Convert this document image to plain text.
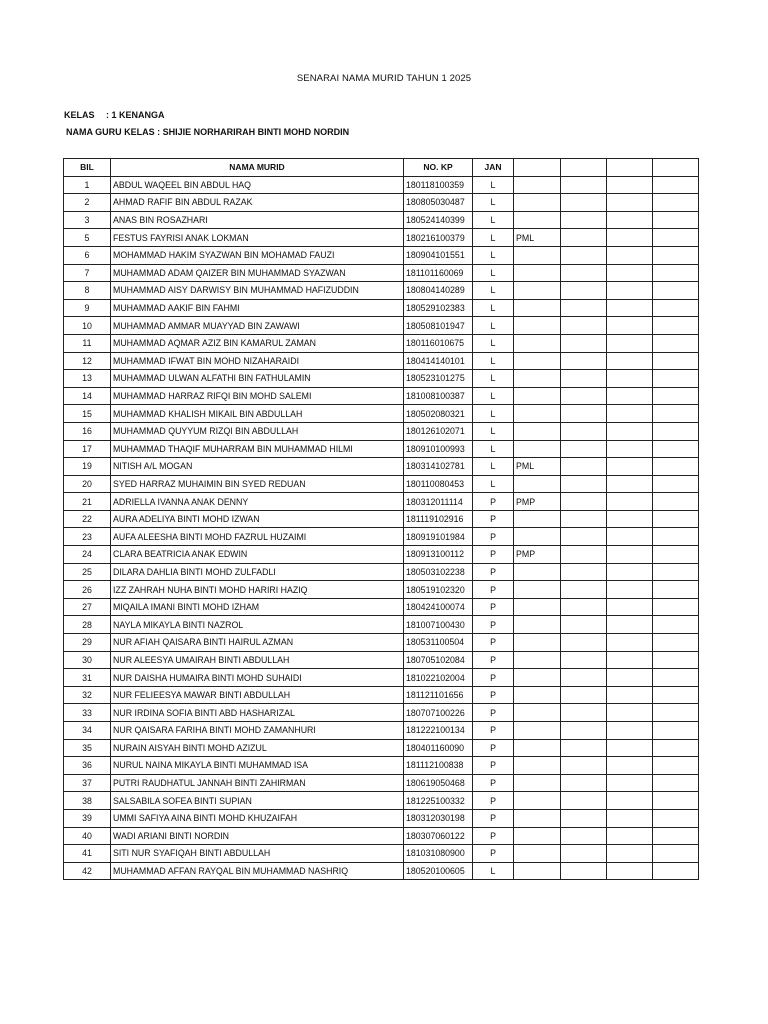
SENARAI NAMA MURID TAHUN 1 2025
KELAS : 1 KENANGA
NAMA GURU KELAS : SHIJIE NORHARIRAH BINTI MOHD NORDIN
BIL	NAMA MURID	NO. KP	JAN				
1	ABDUL WAQEEL BIN ABDUL HAQ	180118100359	L				
2	AHMAD RAFIF BIN ABDUL RAZAK	180805030487	L				
3	ANAS BIN ROSAZHARI	180524140399	L				
5	FESTUS FAYRISI ANAK LOKMAN	180216100379	L	PML			
6	MOHAMMAD HAKIM SYAZWAN BIN MOHAMAD FAUZI	180904101551	L				
7	MUHAMMAD ADAM QAIZER BIN MUHAMMAD SYAZWAN	181101160069	L				
8	MUHAMMAD AISY DARWISY BIN MUHAMMAD HAFIZUDDIN	180804140289	L				
9	MUHAMMAD AAKIF BIN FAHMI	180529102383	L				
10	MUHAMMAD AMMAR MUAYYAD BIN ZAWAWI	180508101947	L				
11	MUHAMMAD AQMAR AZIZ BIN KAMARUL ZAMAN	180116010675	L				
12	MUHAMMAD IFWAT BIN MOHD NIZAHARAIDI	180414140101	L				
13	MUHAMMAD ULWAN ALFATHI BIN FATHULAMIN	180523101275	L				
14	MUHAMMAD HARRAZ RIFQI BIN MOHD SALEMI	181008100387	L				
15	MUHAMMAD KHALISH MIKAIL BIN ABDULLAH	180502080321	L				
16	MUHAMMAD QUYYUM RIZQI BIN ABDULLAH	180126102071	L				
17	MUHAMMAD THAQIF MUHARRAM BIN MUHAMMAD HILMI	180910100993	L				
19	NITISH A/L MOGAN	180314102781	L	PML			
20	SYED HARRAZ MUHAIMIN BIN SYED REDUAN	180110080453	L				
21	ADRIELLA IVANNA ANAK DENNY	180312011114	P	PMP			
22	AURA ADELIYA BINTI MOHD IZWAN	181119102916	P				
23	AUFA ALEESHA BINTI MOHD FAZRUL HUZAIMI	180919101984	P				
24	CLARA BEATRICIA ANAK EDWIN	180913100112	P	PMP			
25	DILARA DAHLIA BINTI MOHD ZULFADLI	180503102238	P				
26	IZZ ZAHRAH NUHA BINTI MOHD HARIRI HAZIQ	180519102320	P				
27	MIQAILA IMANI BINTI MOHD IZHAM	180424100074	P				
28	NAYLA MIKAYLA BINTI NAZROL	181007100430	P				
29	NUR AFIAH QAISARA BINTI HAIRUL AZMAN	180531100504	P				
30	NUR ALEESYA UMAIRAH BINTI ABDULLAH	180705102084	P				
31	NUR DAISHA HUMAIRA BINTI MOHD SUHAIDI	181022102004	P				
32	NUR FELIEESYA MAWAR BINTI ABDULLAH	181121101656	P				
33	NUR IRDINA SOFIA BINTI ABD HASHARIZAL	180707100226	P				
34	NUR QAISARA FARIHA BINTI MOHD ZAMANHURI	181222100134	P				
35	NURAIN AISYAH BINTI MOHD AZIZUL	180401160090	P				
36	NURUL NAINA MIKAYLA BINTI MUHAMMAD ISA	181112100838	P				
37	PUTRI RAUDHATUL JANNAH BINTI ZAHIRMAN	180619050468	P				
38	SALSABILA SOFEA BINTI SUPIAN	181225100332	P				
39	UMMI SAFIYA AINA BINTI MOHD KHUZAIFAH	180312030198	P				
40	WADI ARIANI BINTI NORDIN	180307060122	P				
41	SITI NUR SYAFIQAH BINTI ABDULLAH	181031080900	P				
42	MUHAMMAD AFFAN RAYQAL BIN MUHAMMAD NASHRIQ	180520100605	L				
